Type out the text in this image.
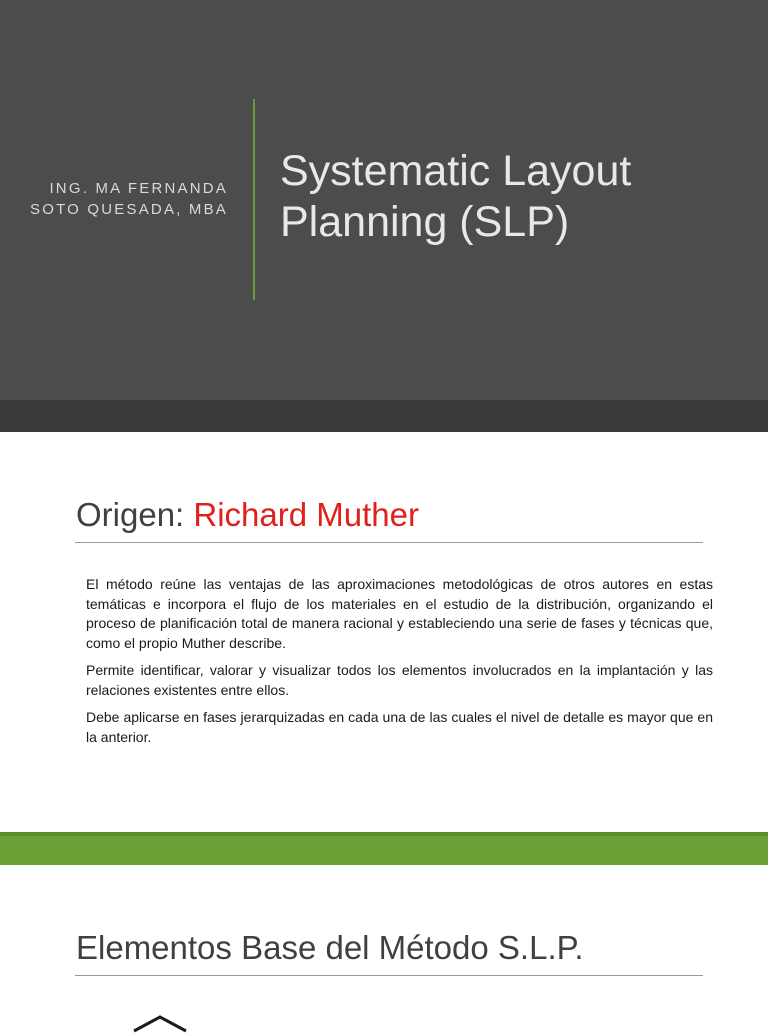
ING. MA FERNANDA
SOTO QUESADA, MBA
Systematic Layout
Planning (SLP)
Origen: Richard Muther

El método reúne las ventajas de las aproximaciones metodológicas de otros autores en estas temáticas e incorpora el flujo de los materiales en el estudio de la distribución, organizando el proceso de planificación total de manera racional y estableciendo una serie de fases y técnicas que, como el propio Muther describe.

Permite identificar, valorar y visualizar todos los elementos involucrados en la implantación y las relaciones existentes entre ellos.

Debe aplicarse en fases jerarquizadas en cada una de las cuales el nivel de detalle es mayor que en la anterior.

Elementos Base del Método S.L.P.
